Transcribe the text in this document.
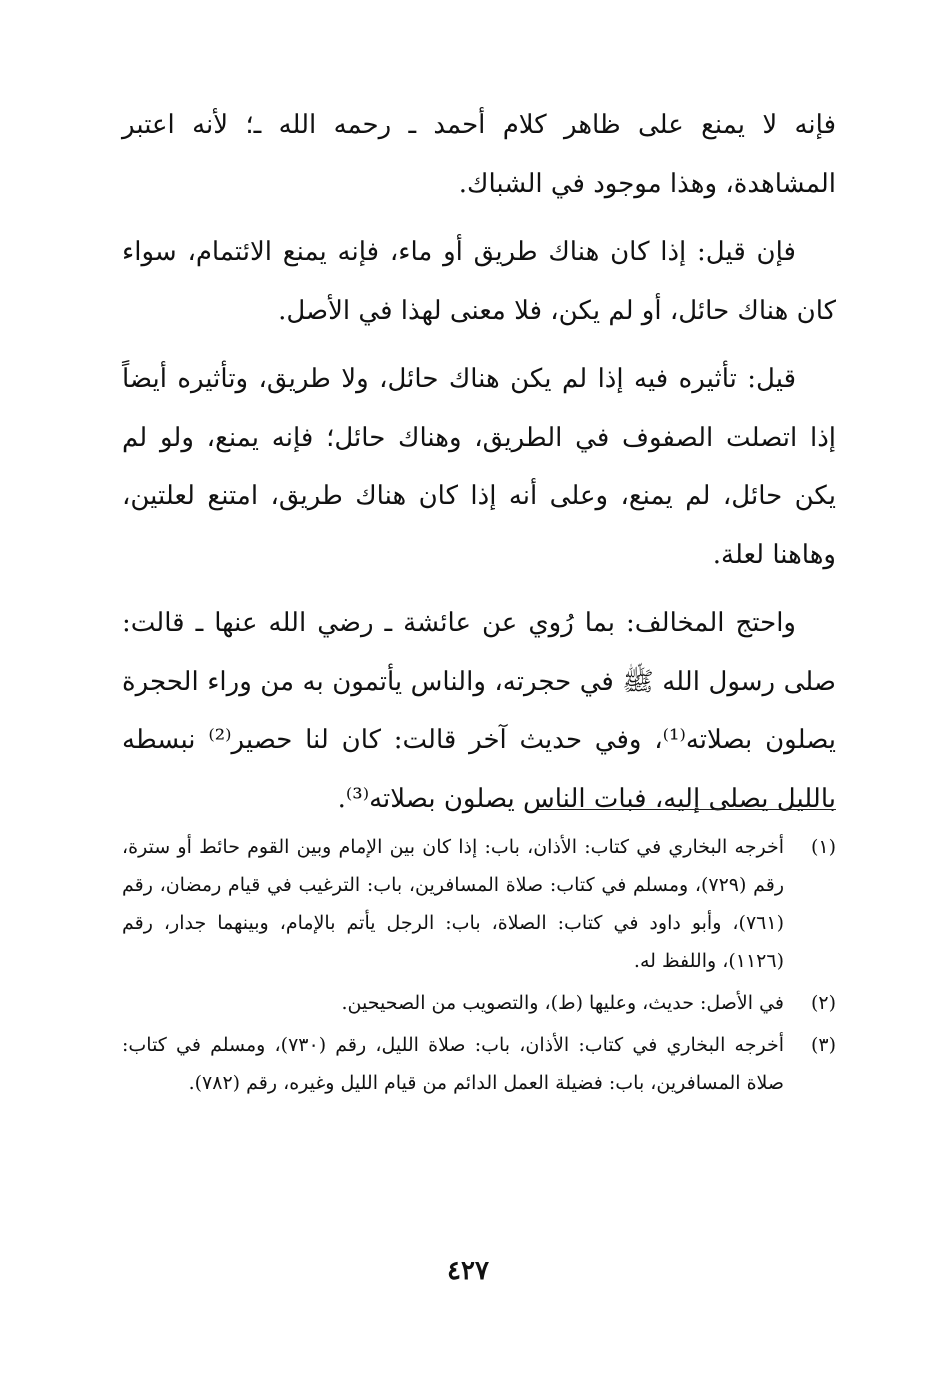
فإنه لا يمنع على ظاهر كلام أحمد ـ رحمه الله ـ؛ لأنه اعتبر المشاهدة، وهذا موجود في الشباك.

فإن قيل: إذا كان هناك طريق أو ماء، فإنه يمنع الائتمام، سواء كان هناك حائل، أو لم يكن، فلا معنى لهذا في الأصل.

قيل: تأثيره فيه إذا لم يكن هناك حائل، ولا طريق، وتأثيره أيضاً إذا اتصلت الصفوف في الطريق، وهناك حائل؛ فإنه يمنع، ولو لم يكن حائل، لم يمنع، وعلى أنه إذا كان هناك طريق، امتنع لعلتين، وهاهنا لعلة.

واحتج المخالف: بما رُوي عن عائشة ـ رضي الله عنها ـ قالت: صلى رسول الله ﷺ في حجرته، والناس يأتمون به من وراء الحجرة يصلون بصلاته⁽¹⁾، وفي حديث آخر قالت: كان لنا حصير⁽²⁾ نبسطه بالليل يصلى إليه، فبات الناس يصلون بصلاته⁽³⁾.

(١)
أخرجه البخاري في كتاب: الأذان، باب: إذا كان بين الإمام وبين القوم حائط أو سترة، رقم (٧٢٩)، ومسلم في كتاب: صلاة المسافرين، باب: الترغيب في قيام رمضان، رقم (٧٦١)، وأبو داود في كتاب: الصلاة، باب: الرجل يأتم بالإمام، وبينهما جدار، رقم (١١٢٦)، واللفظ له.
(٢)
في الأصل: حديث، وعليها (ط)، والتصويب من الصحيحين.
(٣)
أخرجه البخاري في كتاب: الأذان، باب: صلاة الليل، رقم (٧٣٠)، ومسلم في كتاب: صلاة المسافرين، باب: فضيلة العمل الدائم من قيام الليل وغيره، رقم (٧٨٢).
٤٢٧
